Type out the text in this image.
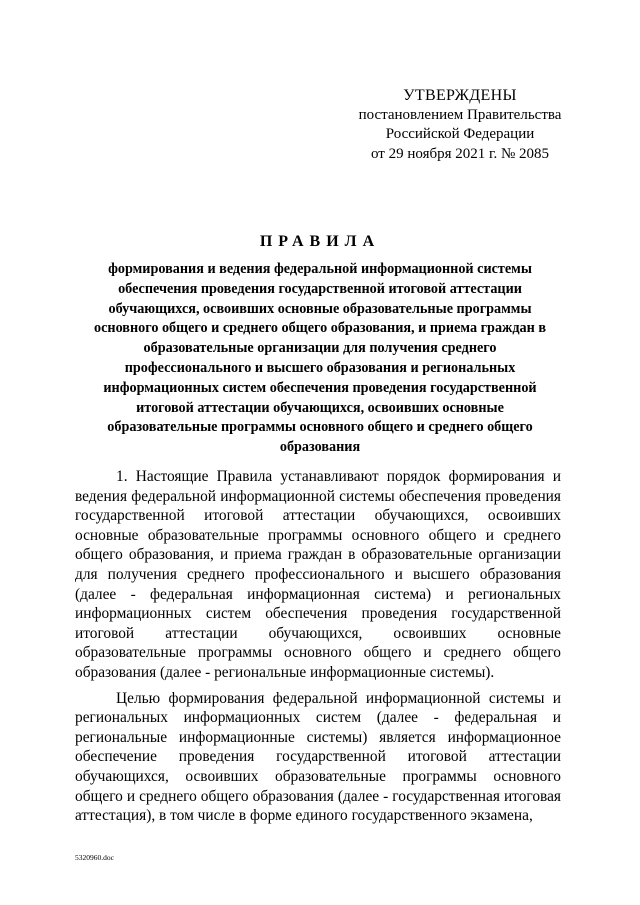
УТВЕРЖДЕНЫ
постановлением Правительства
Российской Федерации
от 29 ноября 2021 г. № 2085
ПРАВИЛА
формирования и ведения федеральной информационной системы обеспечения проведения государственной итоговой аттестации обучающихся, освоивших основные образовательные программы основного общего и среднего общего образования, и приема граждан в образовательные организации для получения среднего профессионального и высшего образования и региональных информационных систем обеспечения проведения государственной итоговой аттестации обучающихся, освоивших основные образовательные программы основного общего и среднего общего образования

1. Настоящие Правила устанавливают порядок формирования и ведения федеральной информационной системы обеспечения проведения государственной итоговой аттестации обучающихся, освоивших основные образовательные программы основного общего и среднего общего образования, и приема граждан в образовательные организации для получения среднего профессионального и высшего образования (далее - федеральная информационная система) и региональных информационных систем обеспечения проведения государственной итоговой аттестации обучающихся, освоивших основные образовательные программы основного общего и среднего общего образования (далее - региональные информационные системы).

Целью формирования федеральной информационной системы и региональных информационных систем (далее - федеральная и региональные информационные системы) является информационное обеспечение проведения государственной итоговой аттестации обучающихся, освоивших образовательные программы основного общего и среднего общего образования (далее - государственная итоговая аттестация), в том числе в форме единого государственного экзамена,

5320960.doc
